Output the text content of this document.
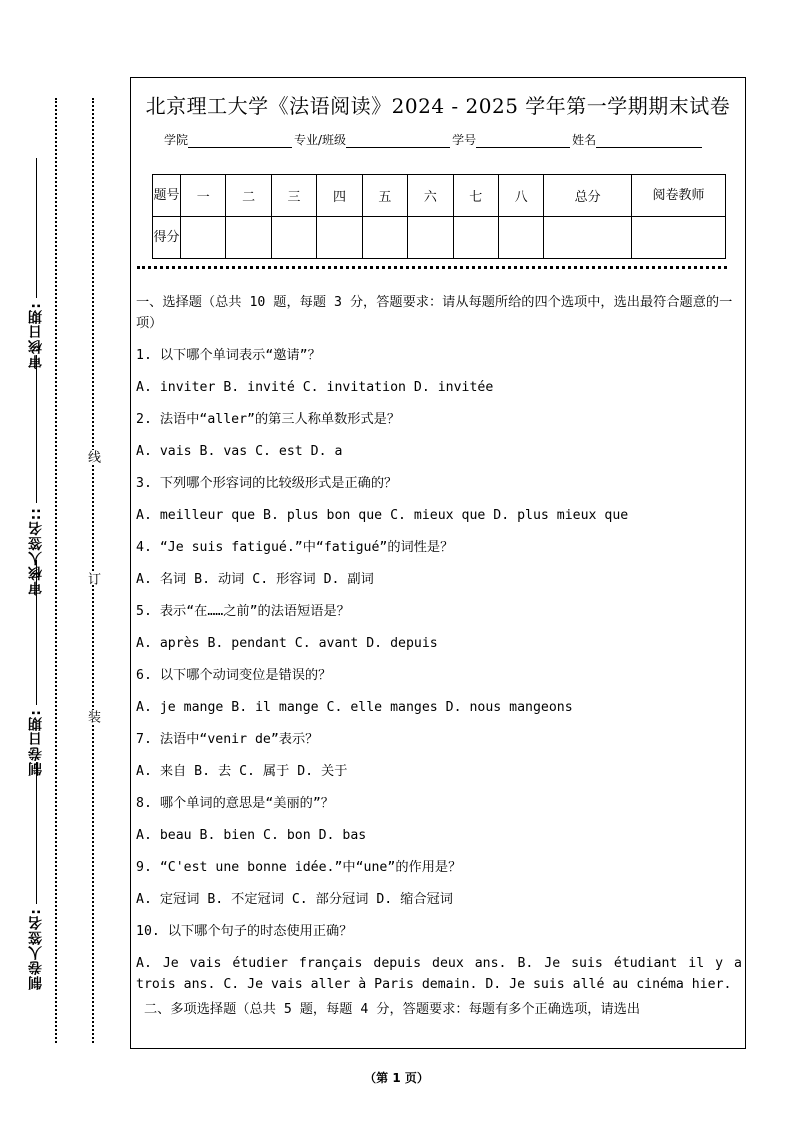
审核日期:
审核人签名::
制卷日期:
制卷人签名:
线
订
装
北京理工大学《法语阅读》2024 - 2025 学年第一学期期末试卷
学院	专业/班级	学号	姓名
题号	一	二	三	四	五	六	七	八	总分	阅卷教师
得分										
一、选择题（总共 10 题，每题 3 分，答题要求：请从每题所给的四个选项中，选出最符合题意的一项）
1. 以下哪个单词表示“邀请”？
A. inviter B. invité C. invitation D. invitée
2. 法语中“aller”的第三人称单数形式是？
A. vais B. vas C. est D. a
3. 下列哪个形容词的比较级形式是正确的？
A. meilleur que B. plus bon que C. mieux que D. plus mieux que
4. “Je suis fatigué.”中“fatigué”的词性是？
A. 名词 B. 动词 C. 形容词 D. 副词
5. 表示“在……之前”的法语短语是？
A. après B. pendant C. avant D. depuis
6. 以下哪个动词变位是错误的？
A. je mange B. il mange C. elle manges D. nous mangeons
7. 法语中“venir de”表示？
A. 来自 B. 去 C. 属于 D. 关于
8. 哪个单词的意思是“美丽的”？
A. beau B. bien C. bon D. bas
9. “C'est une bonne idée.”中“une”的作用是？
A. 定冠词 B. 不定冠词 C. 部分冠词 D. 缩合冠词
10. 以下哪个句子的时态使用正确？
A. Je vais étudier français depuis deux ans. B. Je suis étudiant il y a trois ans. C. Je vais aller à Paris demain. D. Je suis allé au cinéma hier.
二、多项选择题（总共 5 题，每题 4 分，答题要求：每题有多个正确选项，请选出
（第 1 页）
